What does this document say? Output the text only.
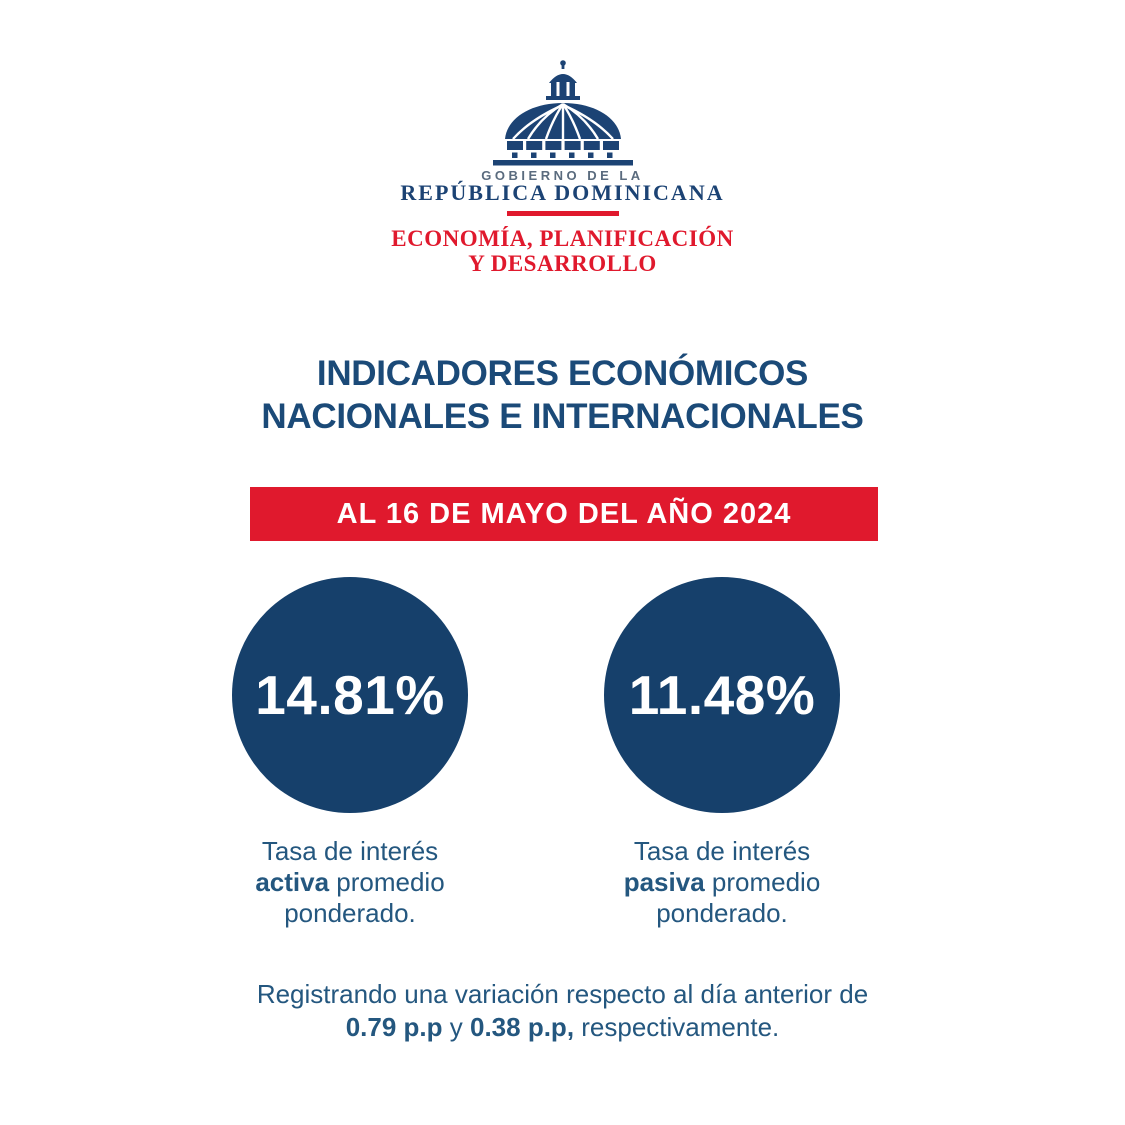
GOBIERNO DE LA
REPÚBLICA DOMINICANA
ECONOMÍA, PLANIFICACIÓN
Y DESARROLLO
INDICADORES ECONÓMICOS
NACIONALES E INTERNACIONALES
AL 16 DE MAYO DEL AÑO 2024
14.81%	11.48%
Tasa de interés
activa promedio
ponderado.
Tasa de interés
pasiva promedio
ponderado.
Registrando una variación respecto al día anterior de
0.79 p.p y 0.38 p.p, respectivamente.
